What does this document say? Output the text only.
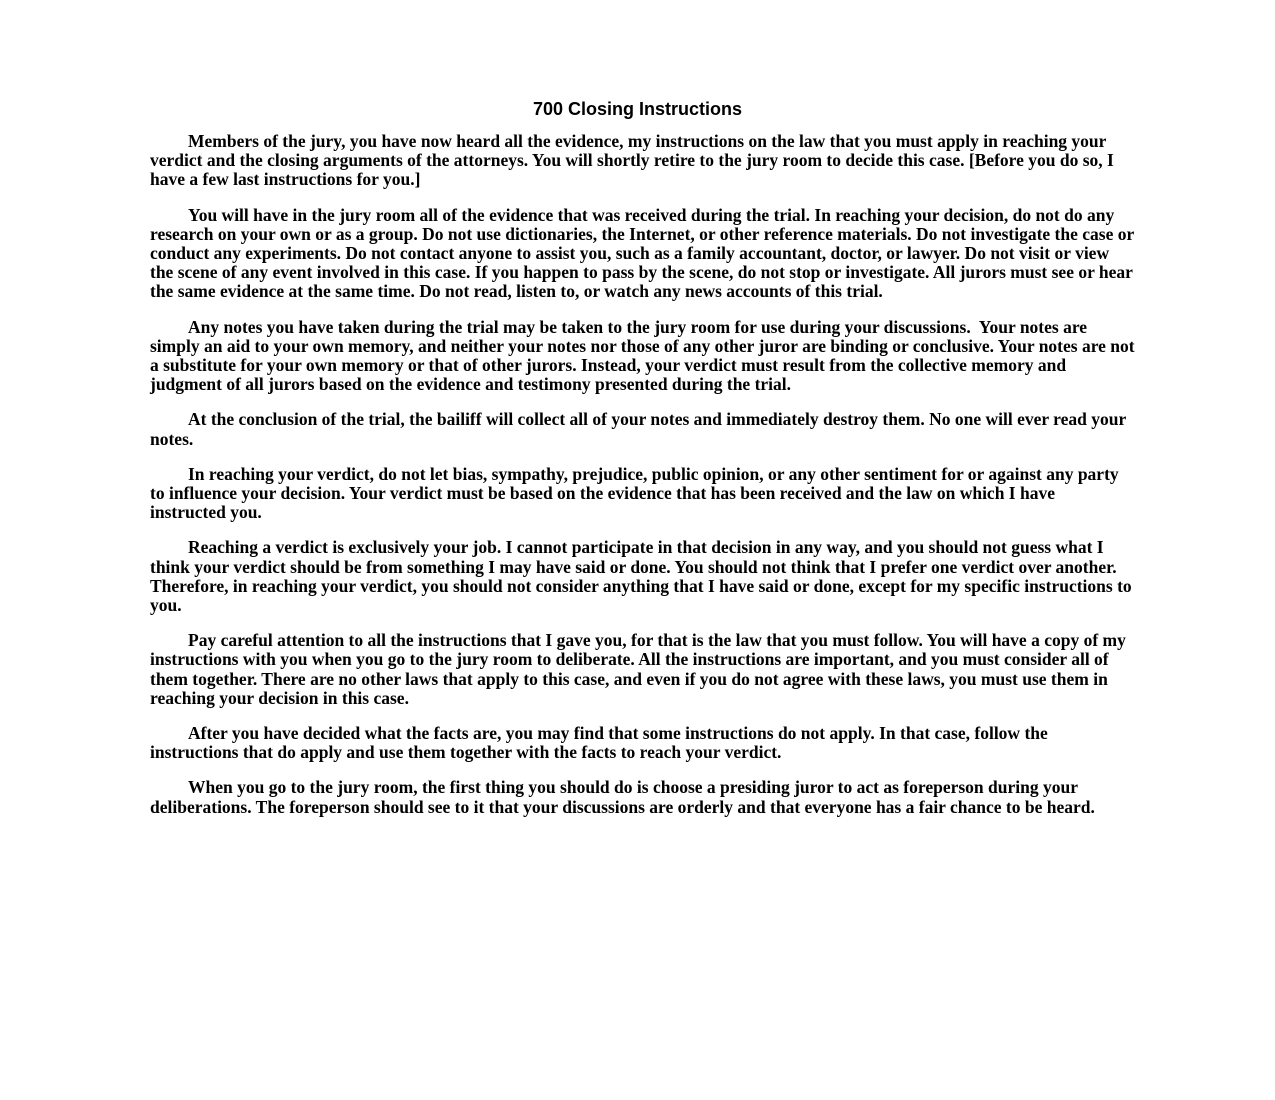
700 Closing Instructions

Members of the jury, you have now heard all the evidence, my instructions on the law that you must apply in reaching your verdict and the closing arguments of the attorneys. You will shortly retire to the jury room to decide this case. [Before you do so, I have a few last instructions for you.]

You will have in the jury room all of the evidence that was received during the trial. In reaching your decision, do not do any research on your own or as a group. Do not use dictionaries, the Internet, or other reference materials. Do not investigate the case or conduct any experiments. Do not contact anyone to assist you, such as a family accountant, doctor, or lawyer. Do not visit or view the scene of any event involved in this case. If you happen to pass by the scene, do not stop or investigate. All jurors must see or hear the same evidence at the same time. Do not read, listen to, or watch any news accounts of this trial.

Any notes you have taken during the trial may be taken to the jury room for use during your discussions.  Your notes are simply an aid to your own memory, and neither your notes nor those of any other juror are binding or conclusive. Your notes are not a substitute for your own memory or that of other jurors. Instead, your verdict must result from the collective memory and judgment of all jurors based on the evidence and testimony presented during the trial.

At the conclusion of the trial, the bailiff will collect all of your notes and immediately destroy them. No one will ever read your notes.

In reaching your verdict, do not let bias, sympathy, prejudice, public opinion, or any other sentiment for or against any party to influence your decision. Your verdict must be based on the evidence that has been received and the law on which I have instructed you.

Reaching a verdict is exclusively your job. I cannot participate in that decision in any way, and you should not guess what I think your verdict should be from something I may have said or done. You should not think that I prefer one verdict over another. Therefore, in reaching your verdict, you should not consider anything that I have said or done, except for my specific instructions to you.

Pay careful attention to all the instructions that I gave you, for that is the law that you must follow. You will have a copy of my instructions with you when you go to the jury room to deliberate. All the instructions are important, and you must consider all of them together. There are no other laws that apply to this case, and even if you do not agree with these laws, you must use them in reaching your decision in this case.

After you have decided what the facts are, you may find that some instructions do not apply. In that case, follow the instructions that do apply and use them together with the facts to reach your verdict.

When you go to the jury room, the first thing you should do is choose a presiding juror to act as foreperson during your deliberations. The foreperson should see to it that your discussions are orderly and that everyone has a fair chance to be heard.
